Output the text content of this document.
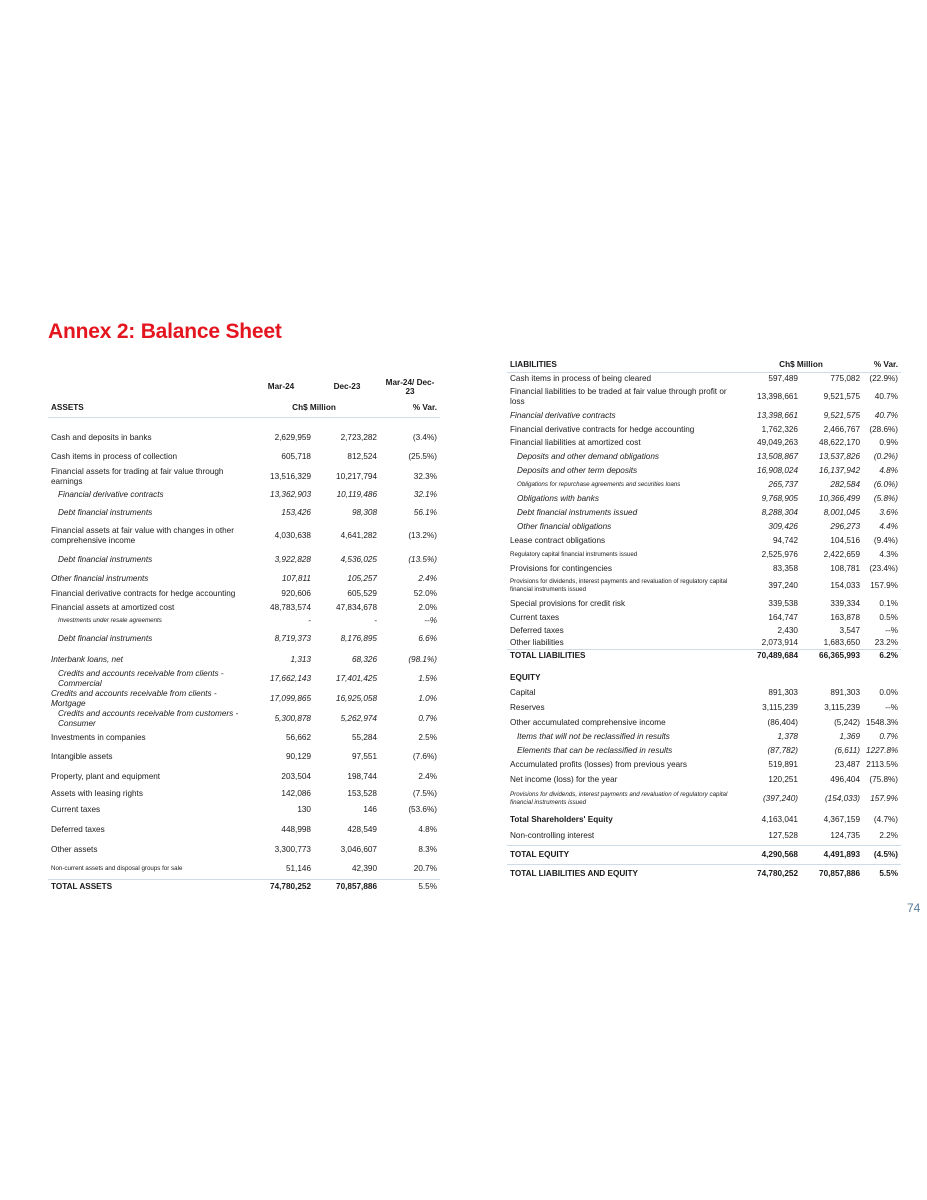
Annex 2: Balance Sheet
	Mar-24	Dec-23	Mar-24/ Dec-23
ASSETS	Ch$ Million		% Var.

Cash and deposits in banks	2,629,959	2,723,282	(3.4%)
Cash items in process of collection	605,718	812,524	(25.5%)
Financial assets for trading at fair value through earnings	13,516,329	10,217,794	32.3%
Financial derivative contracts	13,362,903	10,119,486	32.1%
Debt financial instruments	153,426	98,308	56.1%
Financial assets at fair value with changes in other comprehensive income	4,030,638	4,641,282	(13.2%)
Debt financial instruments	3,922,828	4,536,025	(13.5%)
Other financial instruments	107,811	105,257	2.4%
Financial derivative contracts for hedge accounting	920,606	605,529	52.0%
Financial assets at amortized cost	48,783,574	47,834,678	2.0%
Investments under resale agreements	-	-	--%
Debt financial instruments	8,719,373	8,176,895	6.6%
Interbank loans, net	1,313	68,326	(98.1%)
Credits and accounts receivable from clients - Commercial	17,662,143	17,401,425	1.5%
Credits and accounts receivable from clients - Mortgage	17,099,865	16,925,058	1.0%
Credits and accounts receivable from customers - Consumer	5,300,878	5,262,974	0.7%
Investments in companies	56,662	55,284	2.5%
Intangible assets	90,129	97,551	(7.6%)
Property, plant and equipment	203,504	198,744	2.4%
Assets with leasing rights	142,086	153,528	(7.5%)
Current taxes	130	146	(53.6%)
Deferred taxes	448,998	428,549	4.8%
Other assets	3,300,773	3,046,607	8.3%
Non-current assets and disposal groups for sale	51,146	42,390	20.7%
TOTAL ASSETS	74,780,252	70,857,886	5.5%
LIABILITIES	Ch$ Million		% Var.
Cash items in process of being cleared	597,489	775,082	(22.9%)
Financial liabilities to be traded at fair value through profit or loss	13,398,661	9,521,575	40.7%
Financial derivative contracts	13,398,661	9,521,575	40.7%
Financial derivative contracts for hedge accounting	1,762,326	2,466,767	(28.6%)
Financial liabilities at amortized cost	49,049,263	48,622,170	0.9%
Deposits and other demand obligations	13,508,867	13,537,826	(0.2%)
Deposits and other term deposits	16,908,024	16,137,942	4.8%
Obligations for repurchase agreements and securities loans	265,737	282,584	(6.0%)
Obligations with banks	9,768,905	10,366,499	(5.8%)
Debt financial instruments issued	8,288,304	8,001,045	3.6%
Other financial obligations	309,426	296,273	4.4%
Lease contract obligations	94,742	104,516	(9.4%)
Regulatory capital financial instruments issued	2,525,976	2,422,659	4.3%
Provisions for contingencies	83,358	108,781	(23.4%)
Provisions for dividends, interest payments and revaluation of regulatory capital financial instruments issued	397,240	154,033	157.9%
Special provisions for credit risk	339,538	339,334	0.1%
Current taxes	164,747	163,878	0.5%
Deferred taxes	2,430	3,547	--%
Other liabilities	2,073,914	1,683,650	23.2%
TOTAL LIABILITIES	70,489,684	66,365,993	6.2%

EQUITY			
Capital	891,303	891,303	0.0%
Reserves	3,115,239	3,115,239	--%
Other accumulated comprehensive income	(86,404)	(5,242)	1548.3%
Items that will not be reclassified in results	1,378	1,369	0.7%
Elements that can be reclassified in results	(87,782)	(6,611)	1227.8%
Accumulated profits (losses) from previous years	519,891	23,487	2113.5%
Net income (loss) for the year	120,251	496,404	(75.8%)
Provisions for dividends, interest payments and revaluation of regulatory capital financial instruments issued	(397,240)	(154,033)	157.9%
Total Shareholders' Equity	4,163,041	4,367,159	(4.7%)
Non-controlling interest	127,528	124,735	2.2%
TOTAL EQUITY	4,290,568	4,491,893	(4.5%)
TOTAL LIABILITIES AND EQUITY	74,780,252	70,857,886	5.5%
74
